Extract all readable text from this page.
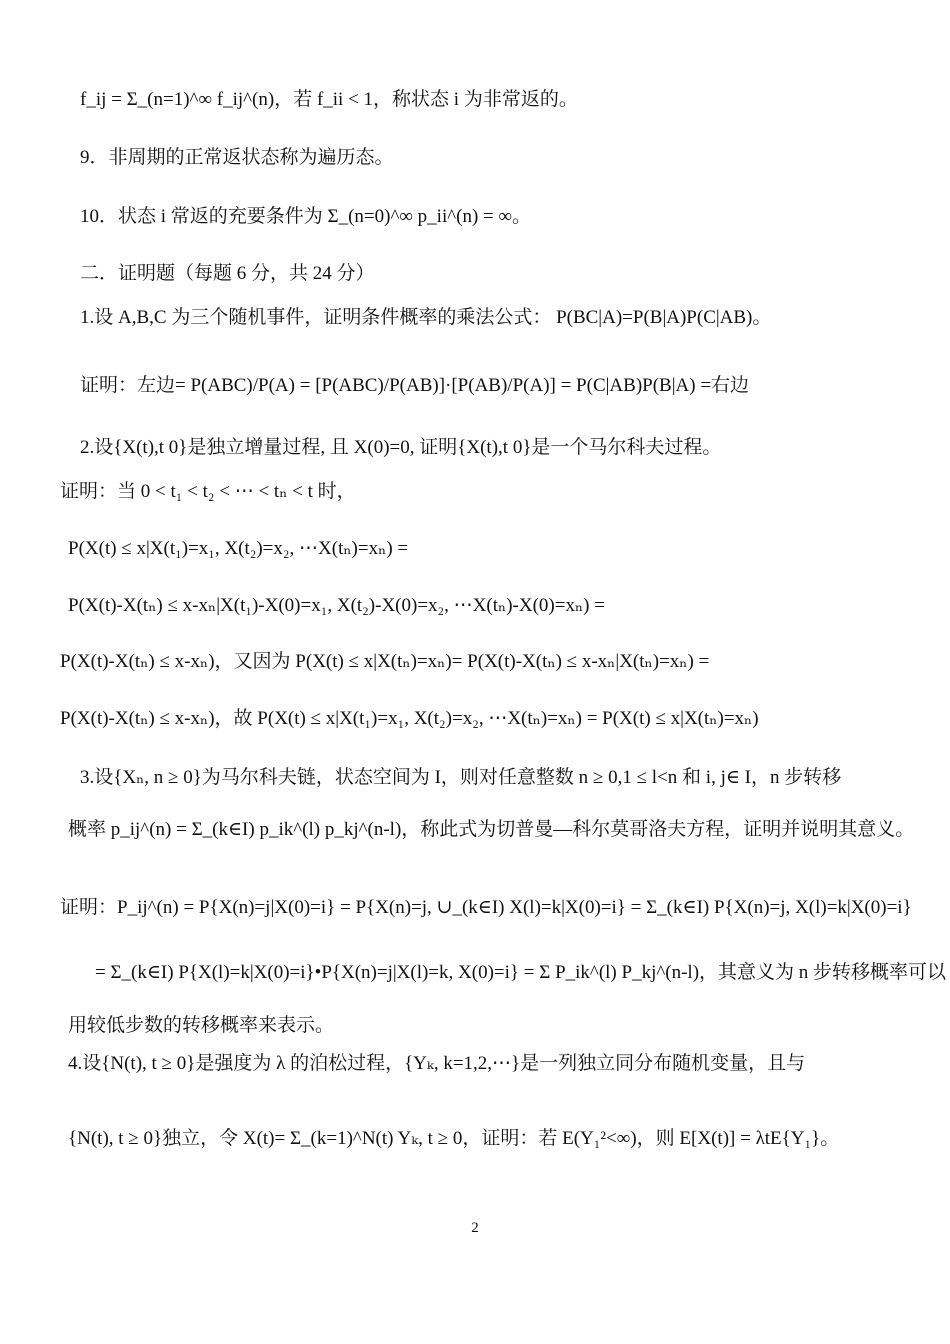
f_ij = Σ_(n=1)^∞ f_ij^(n)，若 f_ii < 1，称状态 i 为非常返的。
9．非周期的正常返状态称为遍历态。
10．状态 i 常返的充要条件为 Σ_(n=0)^∞ p_ii^(n) = ∞。
二．证明题（每题 6 分，共 24 分）
1.设 A,B,C 为三个随机事件，证明条件概率的乘法公式： P(BC|A)=P(B|A)P(C|AB)。
证明：左边= P(ABC)/P(A) = [P(ABC)/P(AB)]·[P(AB)/P(A)] = P(C|AB)P(B|A) =右边
2.设{X(t),t 0}是独立增量过程, 且 X(0)=0, 证明{X(t),t 0}是一个马尔科夫过程。
证明：当 0 < t₁ < t₂ < ⋯ < tₙ < t 时，
P(X(t) ≤ x|X(t₁)=x₁, X(t₂)=x₂, ⋯X(tₙ)=xₙ) =
P(X(t)-X(tₙ) ≤ x-xₙ|X(t₁)-X(0)=x₁, X(t₂)-X(0)=x₂, ⋯X(tₙ)-X(0)=xₙ) =
P(X(t)-X(tₙ) ≤ x-xₙ)，又因为 P(X(t) ≤ x|X(tₙ)=xₙ)= P(X(t)-X(tₙ) ≤ x-xₙ|X(tₙ)=xₙ) =
P(X(t)-X(tₙ) ≤ x-xₙ)，故 P(X(t) ≤ x|X(t₁)=x₁, X(t₂)=x₂, ⋯X(tₙ)=xₙ) = P(X(t) ≤ x|X(tₙ)=xₙ)
3.设{Xₙ, n ≥ 0}为马尔科夫链，状态空间为 I，则对任意整数 n ≥ 0,1 ≤ l<n 和 i, j∈ I，n 步转移
概率 p_ij^(n) = Σ_(k∈I) p_ik^(l) p_kj^(n-l)，称此式为切普曼—科尔莫哥洛夫方程，证明并说明其意义。
证明：P_ij^(n) = P{X(n)=j|X(0)=i} = P{X(n)=j, ∪_(k∈I) X(l)=k|X(0)=i} = Σ_(k∈I) P{X(n)=j, X(l)=k|X(0)=i}
= Σ_(k∈I) P{X(l)=k|X(0)=i}•P{X(n)=j|X(l)=k, X(0)=i} = Σ P_ik^(l) P_kj^(n-l)，其意义为 n 步转移概率可以
用较低步数的转移概率来表示。
4.设{N(t), t ≥ 0}是强度为 λ 的泊松过程，{Yₖ, k=1,2,⋯}是一列独立同分布随机变量，且与
{N(t), t ≥ 0}独立，令 X(t)= Σ_(k=1)^N(t) Yₖ, t ≥ 0，证明：若 E(Y₁²<∞)，则 E[X(t)] = λtE{Y₁}。
2
